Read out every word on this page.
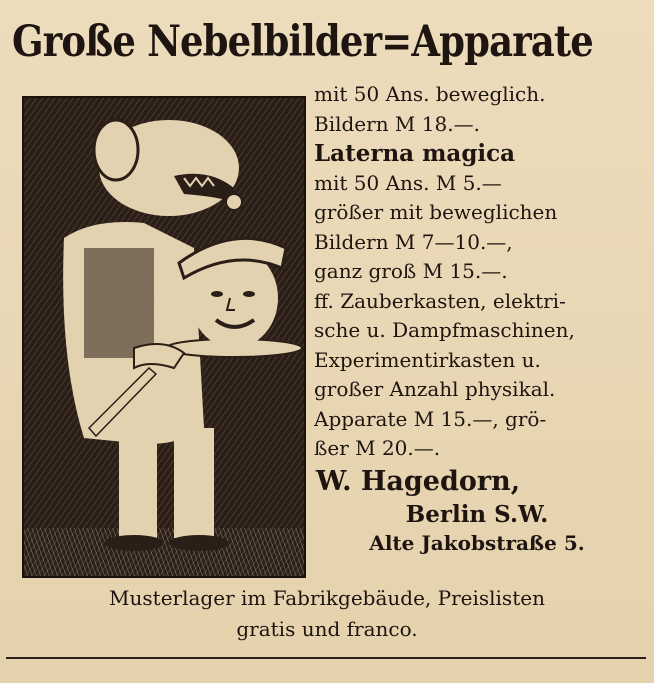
Große Nebelbilder=Apparate
mit 50 Ans. beweglich.
Bildern M 18.—.
Laterna magica
mit 50 Ans. M 5.—
größer mit beweglichen
Bildern M 7—10.—,
ganz groß M 15.—.
ff. Zauberkasten, elektri-
sche u. Dampfmaschinen,
Experimentirkasten u.
großer Anzahl physikal.
Apparate M 15.—, grö-
ßer M 20.—.
W. Hagedorn,
Berlin S.W.
Alte Jakobstraße 5.
Musterlager im Fabrikgebäude, Preislisten
gratis und franco.
